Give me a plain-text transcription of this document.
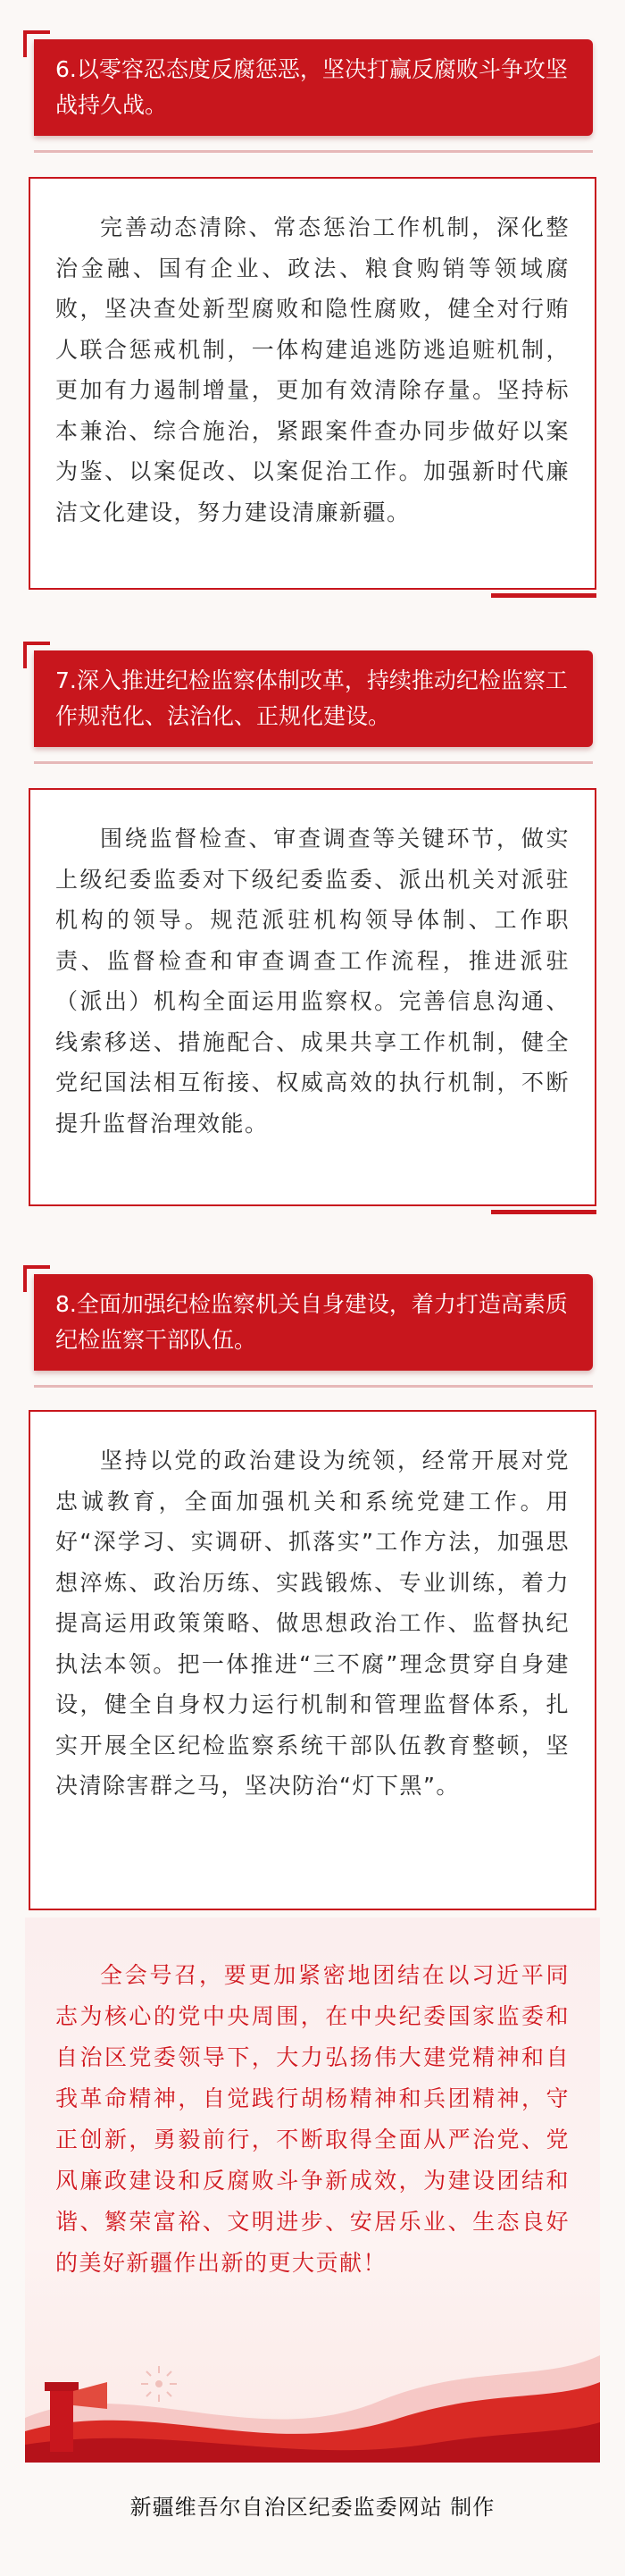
6.以零容忍态度反腐惩恶，坚决打赢反腐败斗争攻坚战持久战。

完善动态清除、常态惩治工作机制，深化整治金融、国有企业、政法、粮食购销等领域腐败，坚决查处新型腐败和隐性腐败，健全对行贿人联合惩戒机制，一体构建追逃防逃追赃机制，更加有力遏制增量，更加有效清除存量。坚持标本兼治、综合施治，紧跟案件查办同步做好以案为鉴、以案促改、以案促治工作。加强新时代廉洁文化建设，努力建设清廉新疆。

7.深入推进纪检监察体制改革，持续推动纪检监察工作规范化、法治化、正规化建设。

围绕监督检查、审查调查等关键环节，做实上级纪委监委对下级纪委监委、派出机关对派驻机构的领导。规范派驻机构领导体制、工作职责、监督检查和审查调查工作流程，推进派驻（派出）机构全面运用监察权。完善信息沟通、线索移送、措施配合、成果共享工作机制，健全党纪国法相互衔接、权威高效的执行机制，不断提升监督治理效能。

8.全面加强纪检监察机关自身建设，着力打造高素质纪检监察干部队伍。

坚持以党的政治建设为统领，经常开展对党忠诚教育，全面加强机关和系统党建工作。用好“深学习、实调研、抓落实”工作方法，加强思想淬炼、政治历练、实践锻炼、专业训练，着力提高运用政策策略、做思想政治工作、监督执纪执法本领。把一体推进“三不腐”理念贯穿自身建设，健全自身权力运行机制和管理监督体系，扎实开展全区纪检监察系统干部队伍教育整顿，坚决清除害群之马，坚决防治“灯下黑”。

全会号召，要更加紧密地团结在以习近平同志为核心的党中央周围，在中央纪委国家监委和自治区党委领导下，大力弘扬伟大建党精神和自我革命精神，自觉践行胡杨精神和兵团精神，守正创新，勇毅前行，不断取得全面从严治党、党风廉政建设和反腐败斗争新成效，为建设团结和谐、繁荣富裕、文明进步、安居乐业、生态良好的美好新疆作出新的更大贡献！

新疆维吾尔自治区纪委监委网站 制作
